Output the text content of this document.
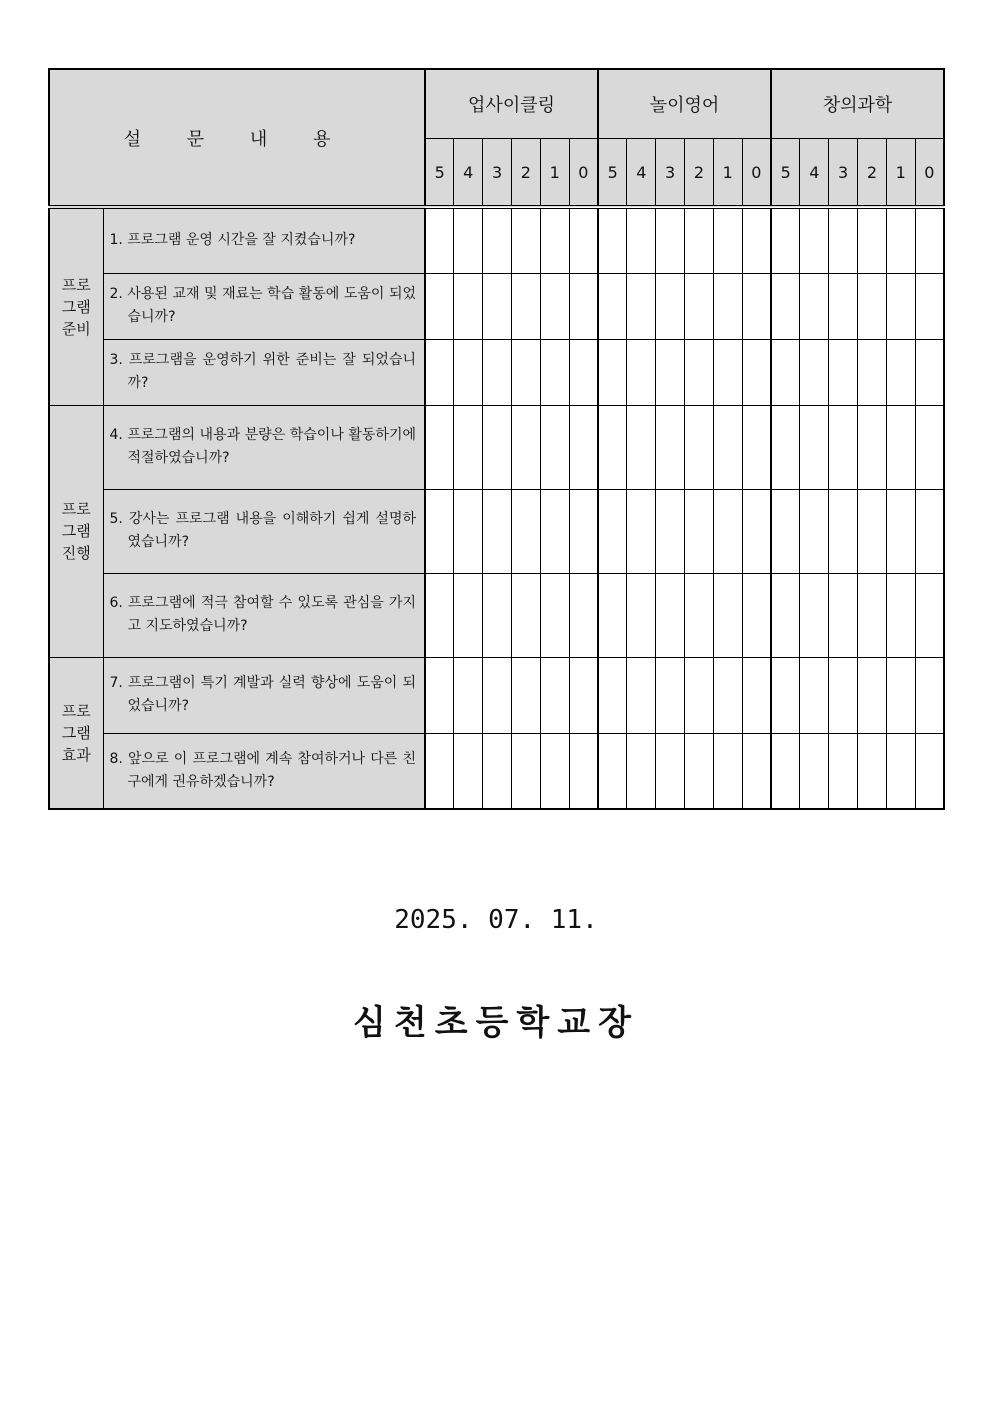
설 문 내 용		업사이클링						놀이영어						창의과학					
		5	4	3	2	1	0	5	4	3	2	1	0	5	4	3	2	1	0

프로
그램
준비	1. 프로그램 운영 시간을 잘 지켰습니까?																		

	2. 사용된 교재 및 재료는 학습 활동에 도움이 되었습니까?																		

	3. 프로그램을 운영하기 위한 준비는 잘 되었습니까?																		

프로
그램
진행	4. 프로그램의 내용과 분량은 학습이나 활동하기에 적절하였습니까?																		

	5. 강사는 프로그램 내용을 이해하기 쉽게 설명하였습니까?																		

	6. 프로그램에 적극 참여할 수 있도록 관심을 가지고 지도하였습니까?																		

프로
그램
효과	7. 프로그램이 특기 계발과 실력 향상에 도움이 되었습니까?																		

	8. 앞으로 이 프로그램에 계속 참여하거나 다른 친구에게 권유하겠습니까?																		

2025. 07. 11.
심천초등학교장
